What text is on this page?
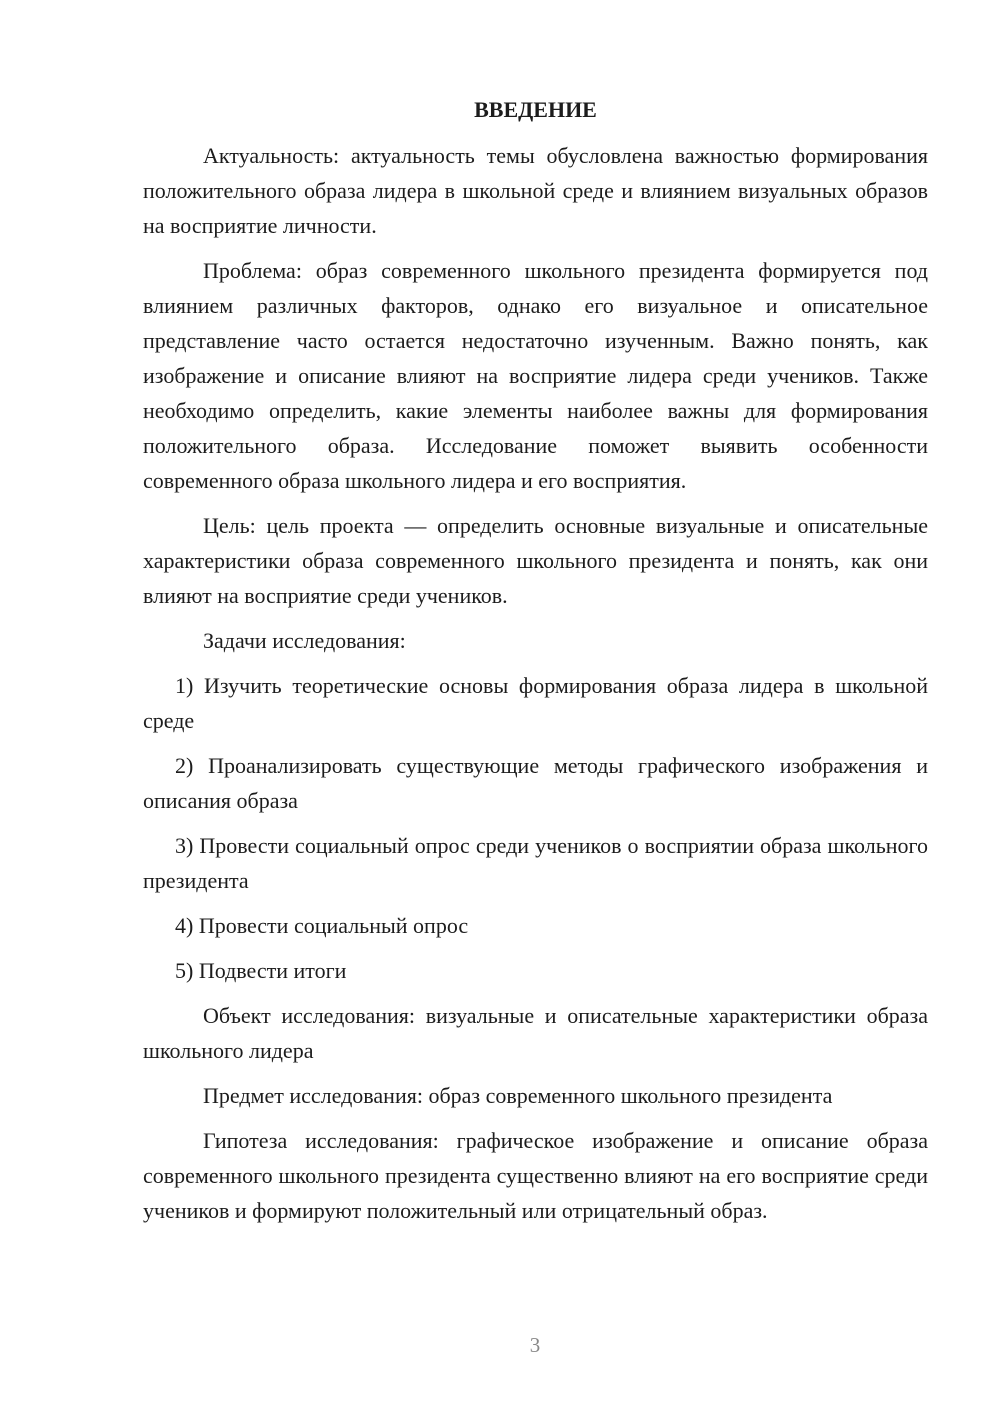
ВВЕДЕНИЕ

Актуальность: актуальность темы обусловлена важностью формирования положительного образа лидера в школьной среде и влиянием визуальных образов на восприятие личности.

Проблема: образ современного школьного президента формируется под влиянием различных факторов, однако его визуальное и описательное представление часто остается недостаточно изученным. Важно понять, как изображение и описание влияют на восприятие лидера среди учеников. Также необходимо определить, какие элементы наиболее важны для формирования положительного образа. Исследование поможет выявить особенности современного образа школьного лидера и его восприятия.

Цель: цель проекта — определить основные визуальные и описательные характеристики образа современного школьного президента и понять, как они влияют на восприятие среди учеников.

Задачи исследования:

1) Изучить теоретические основы формирования образа лидера в школьной среде

2) Проанализировать существующие методы графического изображения и описания образа

3) Провести социальный опрос среди учеников о восприятии образа школьного президента

4) Провести социальный опрос

5) Подвести итоги

Объект исследования: визуальные и описательные характеристики образа школьного лидера

Предмет исследования: образ современного школьного президента

Гипотеза исследования: графическое изображение и описание образа современного школьного президента существенно влияют на его восприятие среди учеников и формируют положительный или отрицательный образ.

3
